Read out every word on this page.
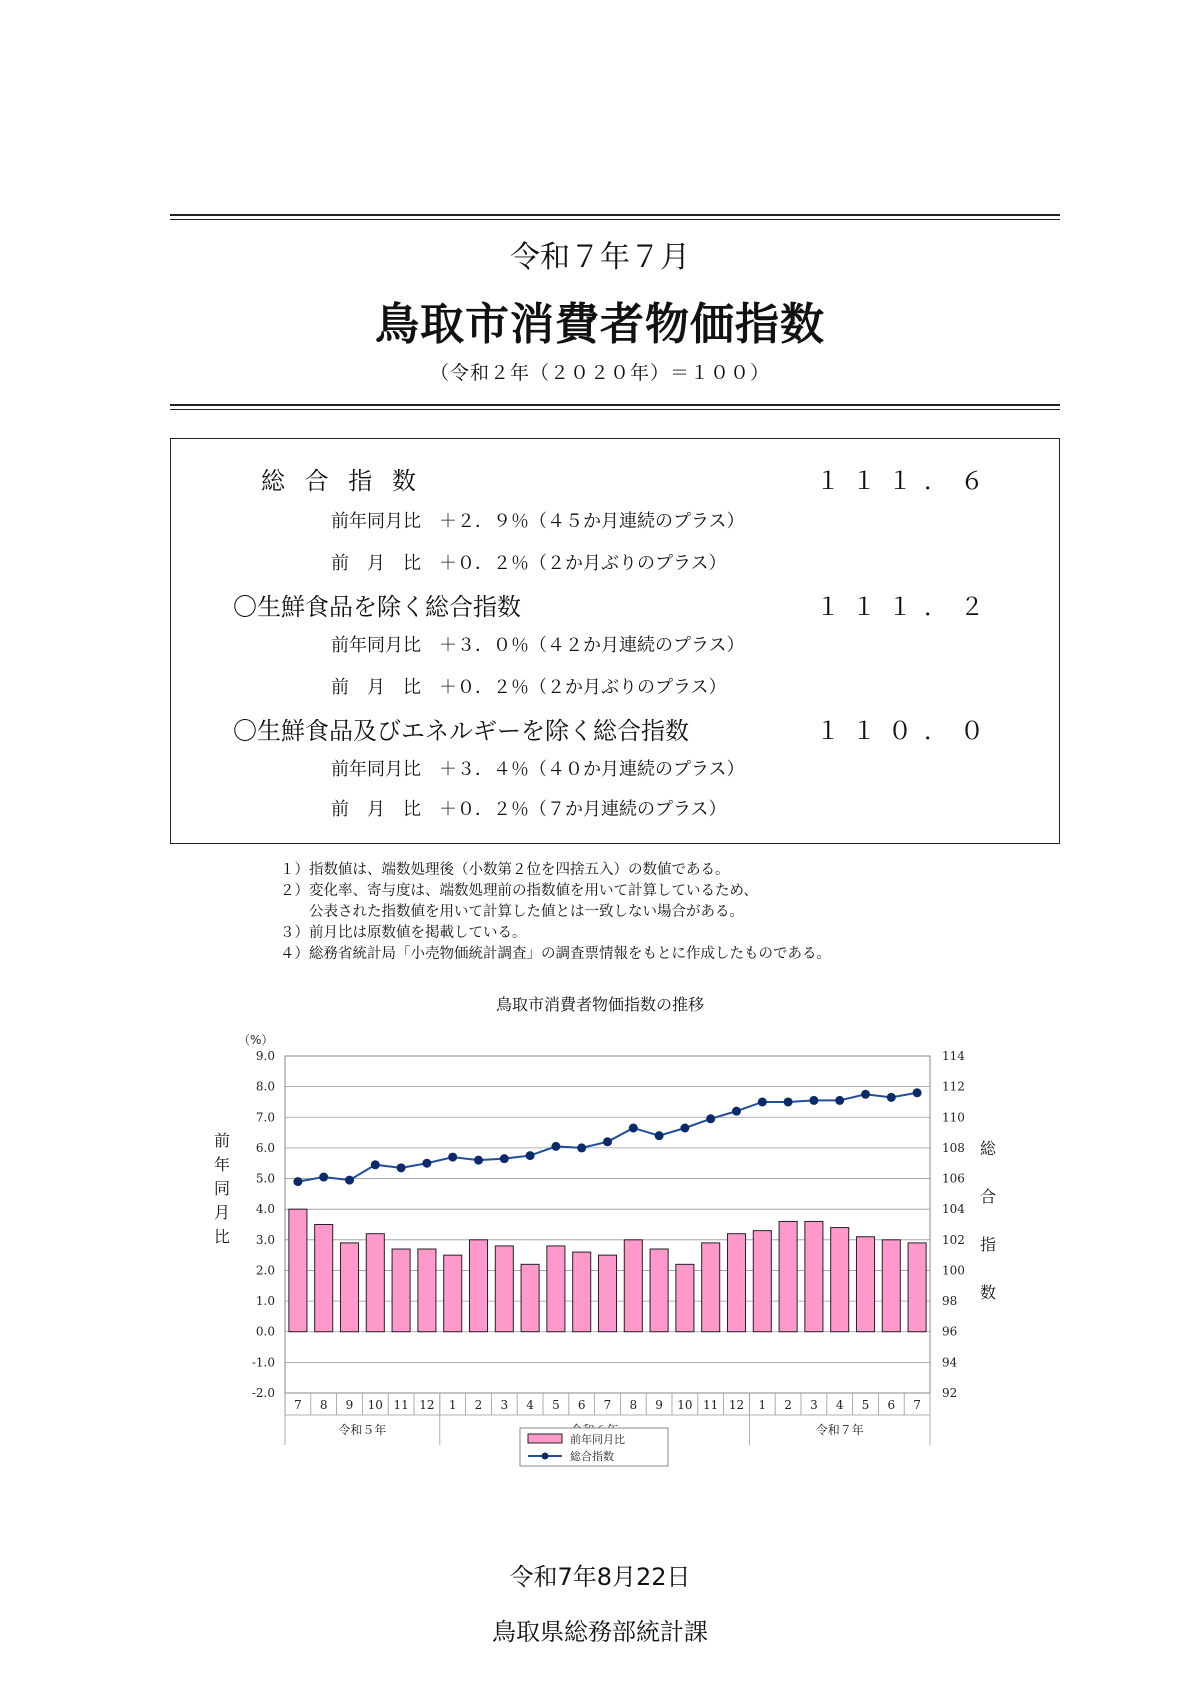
令和７年７月
鳥取市消費者物価指数
（令和２年（２０２０年）＝１００）
総 合 指 数	１１１．６
前年同月比　＋２．９％（４５か月連続のプラス）
前　月　比　＋０．２％（２か月ぶりのプラス）
〇生鮮食品を除く総合指数	１１１．２
前年同月比　＋３．０％（４２か月連続のプラス）
前　月　比　＋０．２％（２か月ぶりのプラス）
〇生鮮食品及びエネルギーを除く総合指数	１１０．０
前年同月比　＋３．４％（４０か月連続のプラス）
前　月　比　＋０．２％（７か月連続のプラス）
１）指数値は、端数処理後（小数第２位を四捨五入）の数値である。
２）変化率、寄与度は、端数処理前の指数値を用いて計算しているため、
　　公表された指数値を用いて計算した値とは一致しない場合がある。
３）前月比は原数値を掲載している。
４）総務省統計局「小売物価統計調査」の調査票情報をもとに作成したものである。
鳥取市消費者物価指数の推移
9.0
8.0
7.0
6.0
5.0
4.0
3.0
2.0
1.0
0.0
-1.0
-2.0
114
112
110
108
106
104
102
100
98
96
94
92
（%）
前
年
同
月
比
総
合
指
数
7 8 9 10 11 12 1 2 3 4 5 6 7 8 9 10 11 12 1 2 3 4 5 6 7
令和５年	令和７年
前年同月比
総合指数
令和7年8月22日
鳥取県総務部統計課
